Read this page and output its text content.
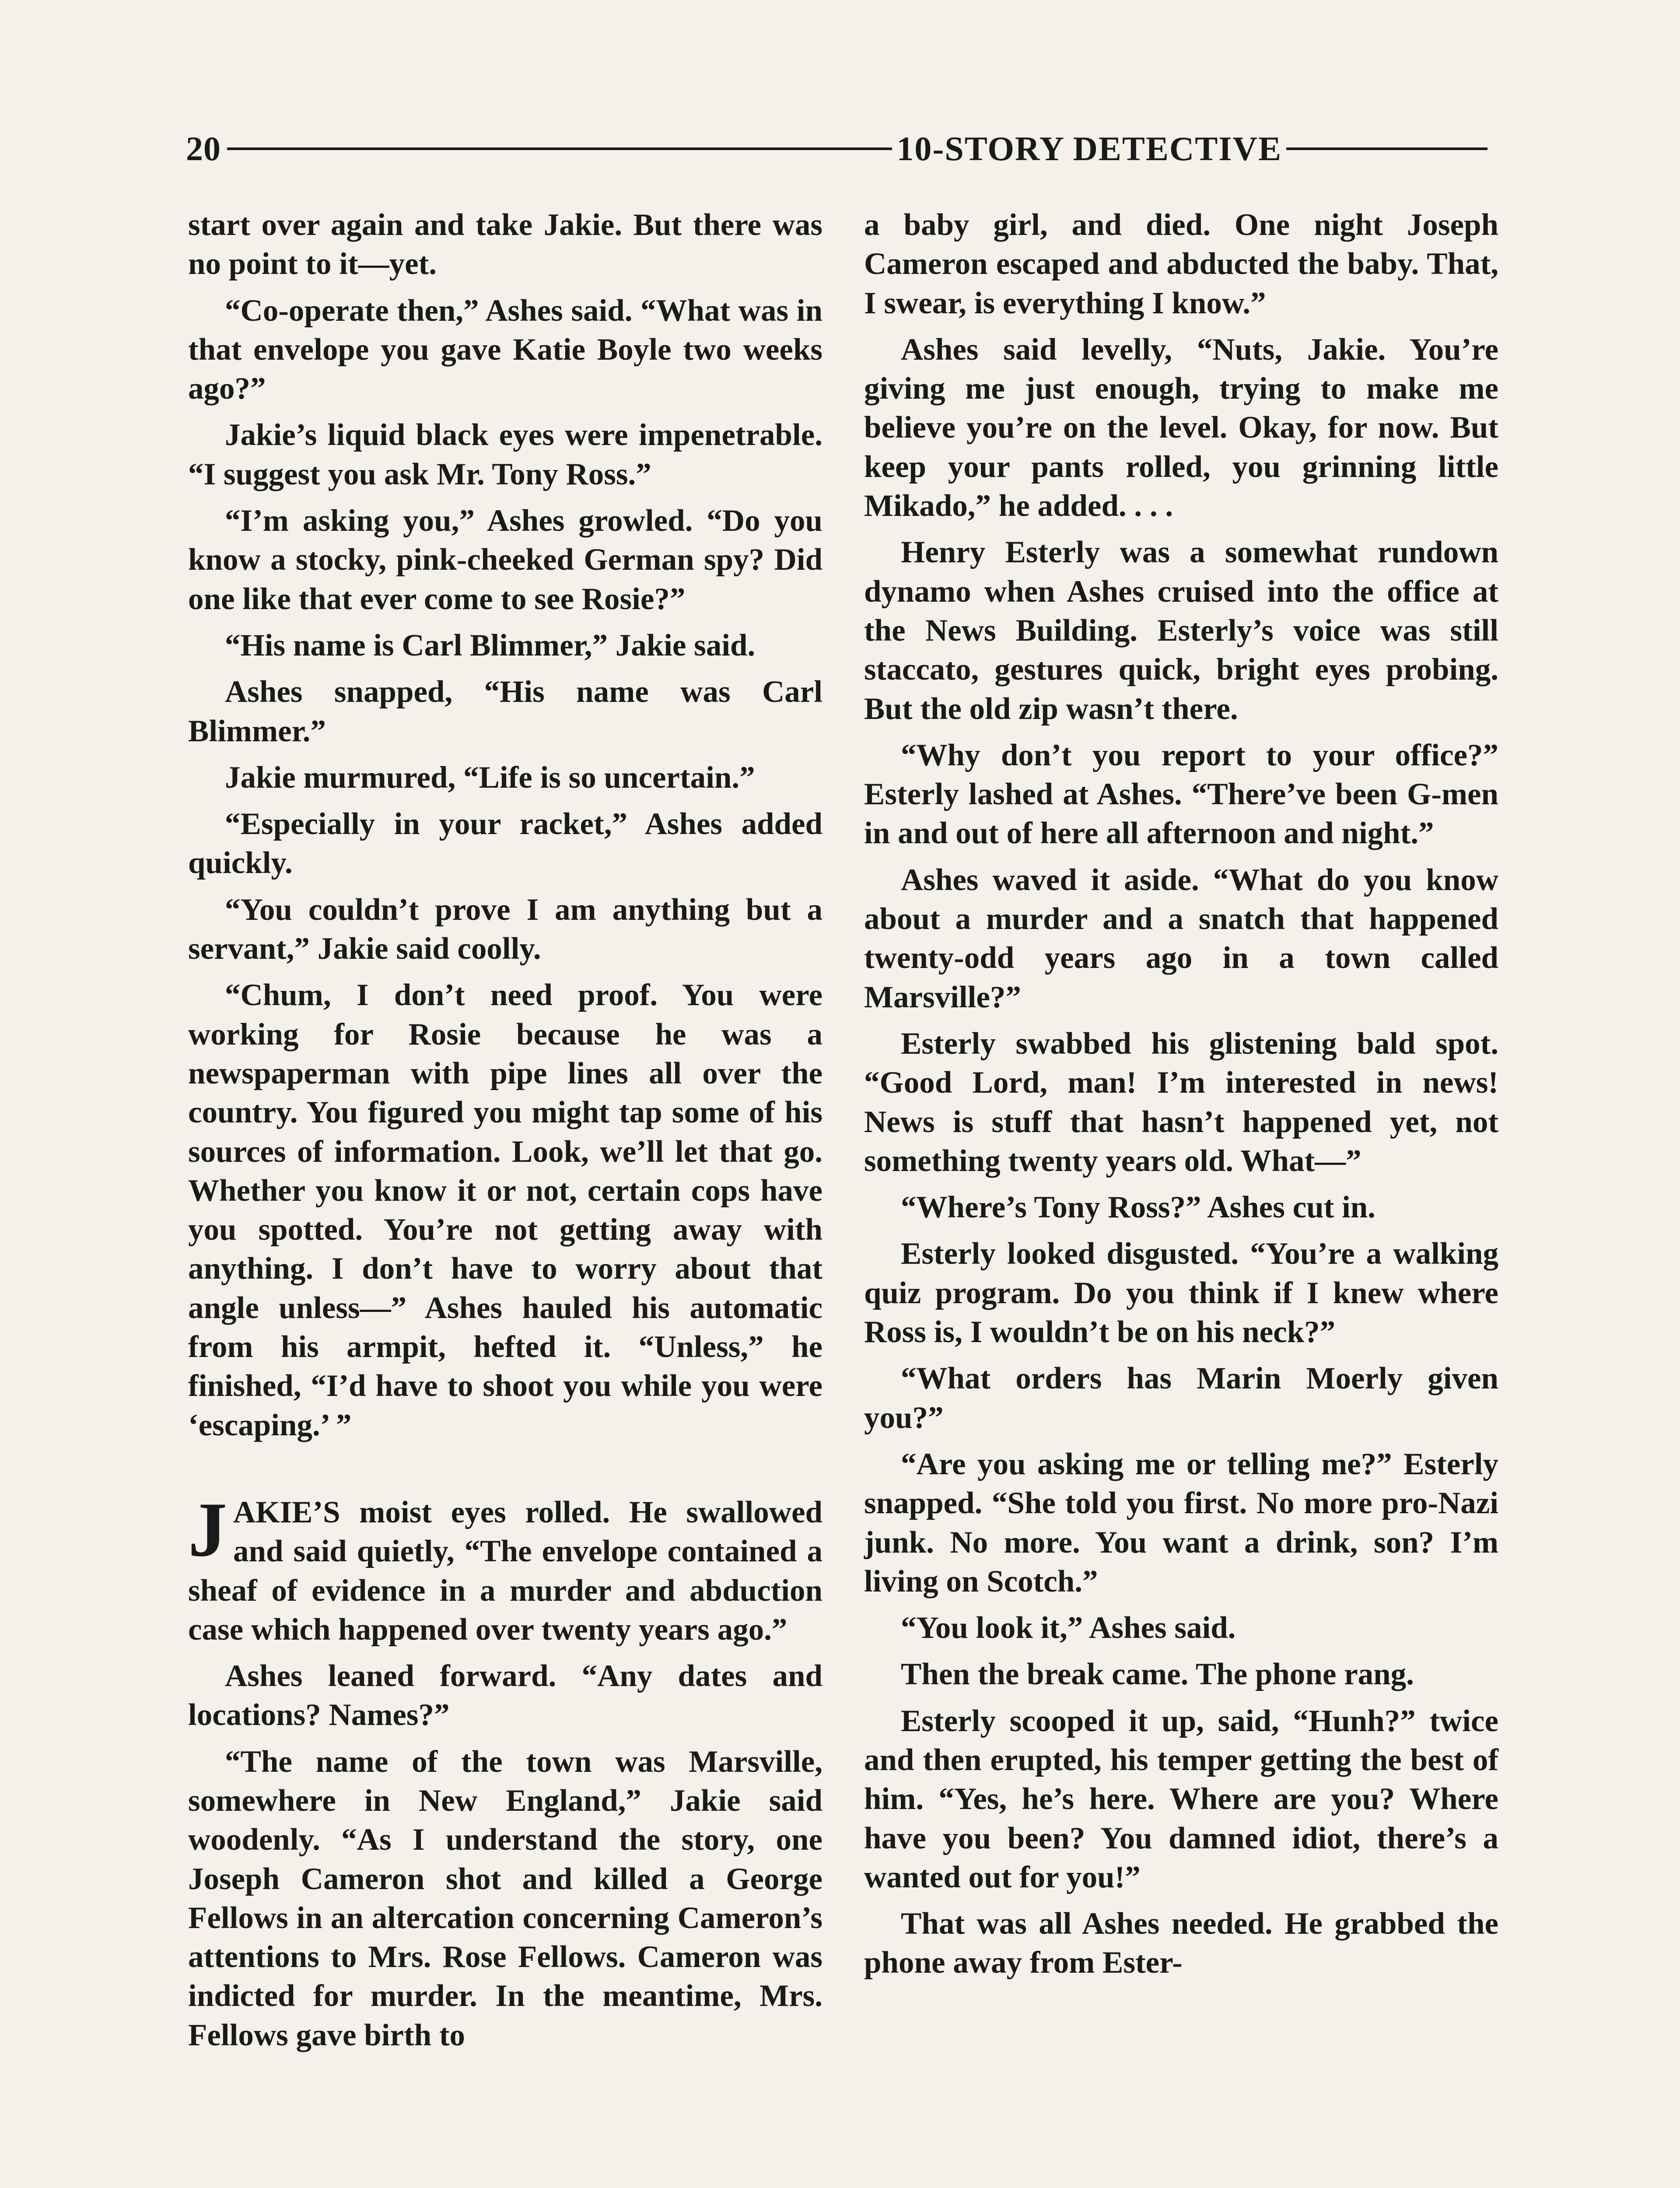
20	10-STORY DETECTIVE

start over again and take Jakie. But there was no point to it—yet.

“Co-operate then,” Ashes said. “What was in that envelope you gave Katie Boyle two weeks ago?”

Jakie’s liquid black eyes were impenetrable. “I suggest you ask Mr. Tony Ross.”

“I’m asking you,” Ashes growled. “Do you know a stocky, pink-cheeked German spy? Did one like that ever come to see Rosie?”

“His name is Carl Blimmer,” Jakie said.

Ashes snapped, “His name was Carl Blimmer.”

Jakie murmured, “Life is so uncertain.”

“Especially in your racket,” Ashes added quickly.

“You couldn’t prove I am anything but a servant,” Jakie said coolly.

“Chum, I don’t need proof. You were working for Rosie because he was a newspaperman with pipe lines all over the country. You figured you might tap some of his sources of information. Look, we’ll let that go. Whether you know it or not, certain cops have you spotted. You’re not getting away with anything. I don’t have to worry about that angle unless—” Ashes hauled his automatic from his armpit, hefted it. “Unless,” he finished, “I’d have to shoot you while you were ‘escaping.’ ”

JAKIE’S moist eyes rolled. He swallowed and said quietly, “The envelope contained a sheaf of evidence in a murder and abduction case which happened over twenty years ago.”

Ashes leaned forward. “Any dates and locations? Names?”

“The name of the town was Marsville, somewhere in New England,” Jakie said woodenly. “As I understand the story, one Joseph Cameron shot and killed a George Fellows in an altercation concerning Cameron’s attentions to Mrs. Rose Fellows. Cameron was indicted for murder. In the meantime, Mrs. Fellows gave birth to

a baby girl, and died. One night Joseph Cameron escaped and abducted the baby. That, I swear, is everything I know.”

Ashes said levelly, “Nuts, Jakie. You’re giving me just enough, trying to make me believe you’re on the level. Okay, for now. But keep your pants rolled, you grinning little Mikado,” he added. . . .

Henry Esterly was a somewhat rundown dynamo when Ashes cruised into the office at the News Building. Esterly’s voice was still staccato, gestures quick, bright eyes probing. But the old zip wasn’t there.

“Why don’t you report to your office?” Esterly lashed at Ashes. “There’ve been G-men in and out of here all afternoon and night.”

Ashes waved it aside. “What do you know about a murder and a snatch that happened twenty-odd years ago in a town called Marsville?”

Esterly swabbed his glistening bald spot. “Good Lord, man! I’m interested in news! News is stuff that hasn’t happened yet, not something twenty years old. What—”

“Where’s Tony Ross?” Ashes cut in.

Esterly looked disgusted. “You’re a walking quiz program. Do you think if I knew where Ross is, I wouldn’t be on his neck?”

“What orders has Marin Moerly given you?”

“Are you asking me or telling me?” Esterly snapped. “She told you first. No more pro-Nazi junk. No more. You want a drink, son? I’m living on Scotch.”

“You look it,” Ashes said.

Then the break came. The phone rang.

Esterly scooped it up, said, “Hunh?” twice and then erupted, his temper getting the best of him. “Yes, he’s here. Where are you? Where have you been? You damned idiot, there’s a wanted out for you!”

That was all Ashes needed. He grabbed the phone away from Ester-
